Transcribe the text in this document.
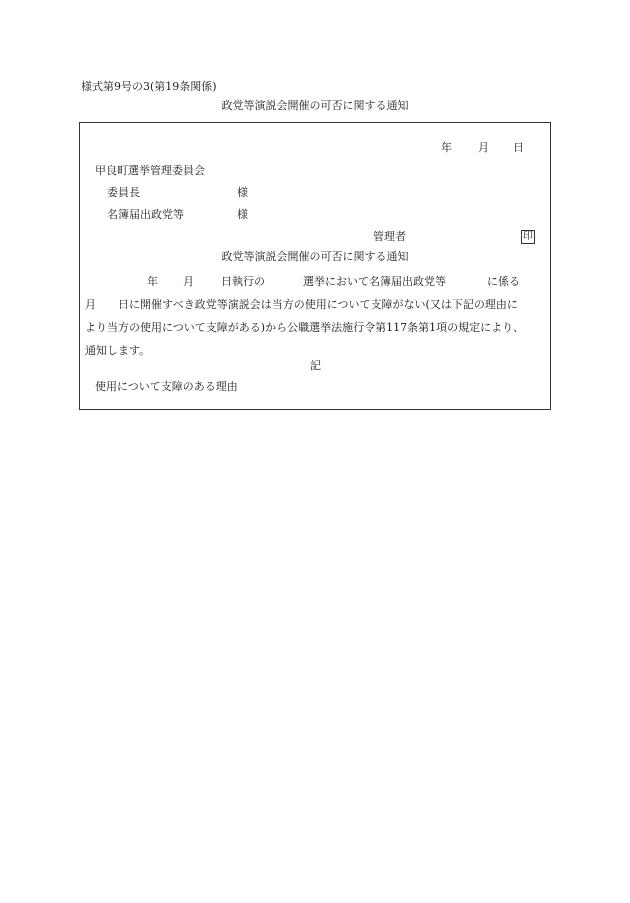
様式第9号の3(第19条関係)
政党等演説会開催の可否に関する通知
年 月 日
甲良町選挙管理委員会
委員長	様
名簿届出政党等	様
管理者	印
政党等演説会開催の可否に関する通知
年 月 日執行の	選挙において名簿届出政党等	に係る
月 日に開催すべき政党等演説会は当方の使用について支障がない(又は下記の理由に
より当方の使用について支障がある)から公職選挙法施行令第117条第1項の規定により、
通知します。
記
使用について支障のある理由
